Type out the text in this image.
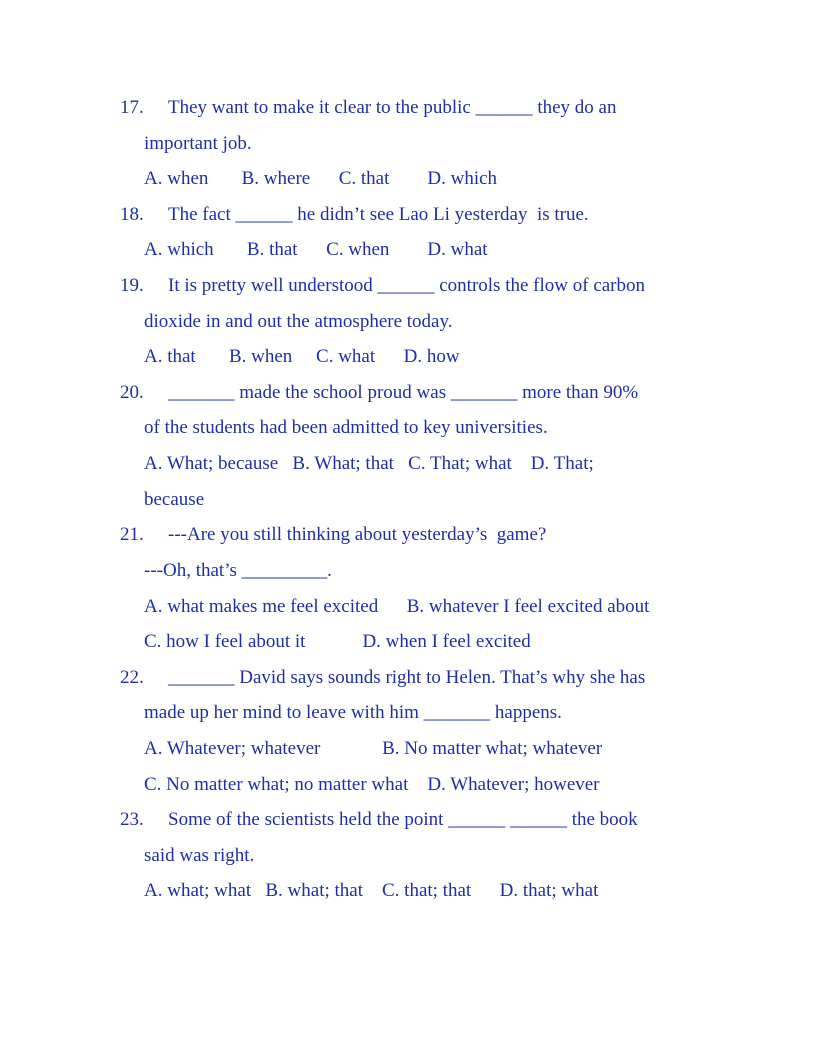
17. They want to make it clear to the public ______ they do an
important job.
A. when       B. where      C. that        D. which
18. The fact ______ he didn’t see Lao Li yesterday  is true.
A. which       B. that      C. when        D. what
19. It is pretty well understood ______ controls the flow of carbon
dioxide in and out the atmosphere today.
A. that       B. when     C. what      D. how
20. _______ made the school proud was _______ more than 90%
of the students had been admitted to key universities.
A. What; because   B. What; that   C. That; what    D. That;
because
21. ---Are you still thinking about yesterday’s  game?
---Oh, that’s _________.
A. what makes me feel excited      B. whatever I feel excited about
C. how I feel about it            D. when I feel excited
22. _______ David says sounds right to Helen. That’s why she has
made up her mind to leave with him _______ happens.
A. Whatever; whatever             B. No matter what; whatever
C. No matter what; no matter what    D. Whatever; however
23. Some of the scientists held the point ______ ______ the book
said was right.
A. what; what   B. what; that    C. that; that      D. that; what
